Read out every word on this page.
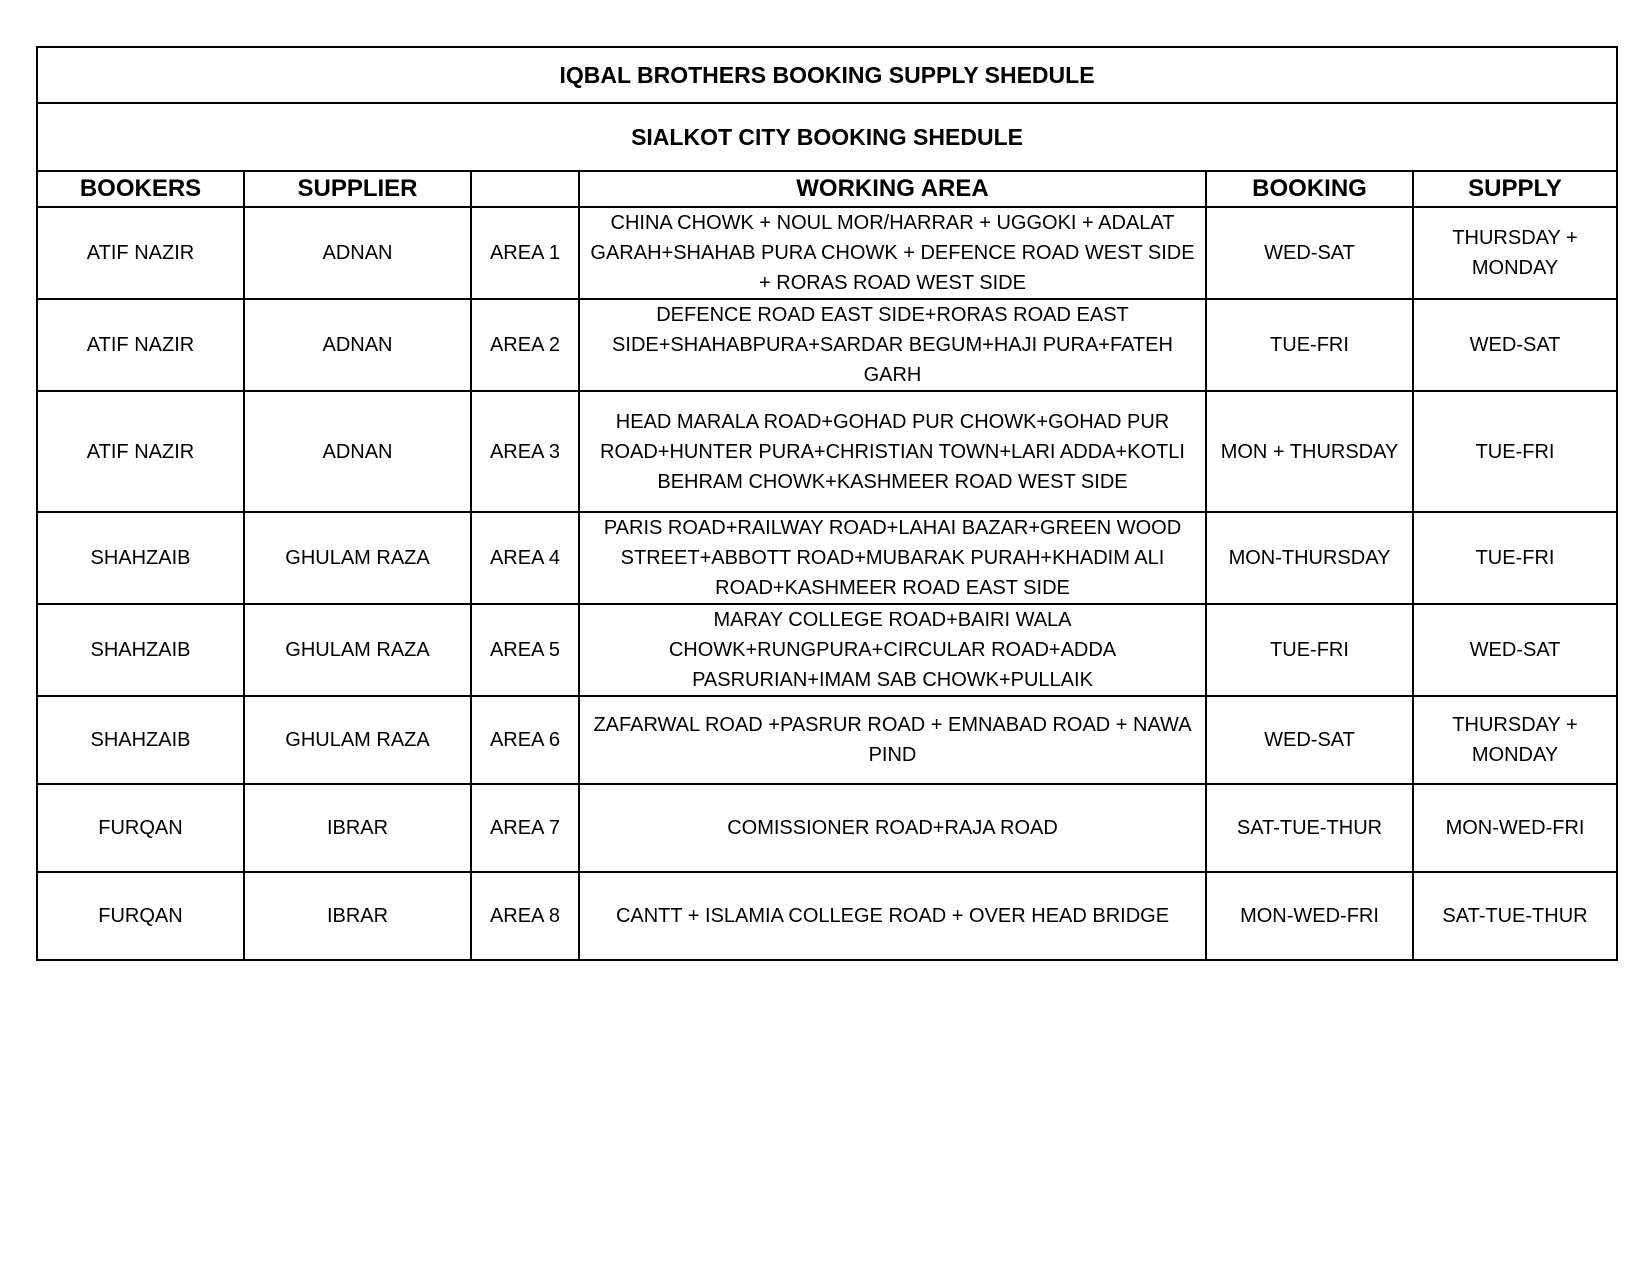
IQBAL BROTHERS BOOKING SUPPLY SHEDULE					
SIALKOT CITY BOOKING SHEDULE					
BOOKERS	SUPPLIER		WORKING AREA	BOOKING	SUPPLY
ATIF NAZIR	ADNAN	AREA 1	CHINA CHOWK + NOUL MOR/HARRAR + UGGOKI + ADALAT GARAH+SHAHAB PURA CHOWK + DEFENCE ROAD WEST SIDE + RORAS ROAD WEST SIDE	WED-SAT	THURSDAY + MONDAY
ATIF NAZIR	ADNAN	AREA 2	DEFENCE ROAD EAST SIDE+RORAS ROAD EAST SIDE+SHAHABPURA+SARDAR BEGUM+HAJI PURA+FATEH GARH	TUE-FRI	WED-SAT
ATIF NAZIR	ADNAN	AREA 3	HEAD MARALA ROAD+GOHAD PUR CHOWK+GOHAD PUR ROAD+HUNTER PURA+CHRISTIAN TOWN+LARI ADDA+KOTLI BEHRAM CHOWK+KASHMEER ROAD WEST SIDE	MON + THURSDAY	TUE-FRI
SHAHZAIB	GHULAM RAZA	AREA 4	PARIS ROAD+RAILWAY ROAD+LAHAI BAZAR+GREEN WOOD STREET+ABBOTT ROAD+MUBARAK PURAH+KHADIM ALI ROAD+KASHMEER ROAD EAST SIDE	MON-THURSDAY	TUE-FRI
SHAHZAIB	GHULAM RAZA	AREA 5	MARAY COLLEGE ROAD+BAIRI WALA CHOWK+RUNGPURA+CIRCULAR ROAD+ADDA PASRURIAN+IMAM SAB CHOWK+PULLAIK	TUE-FRI	WED-SAT
SHAHZAIB	GHULAM RAZA	AREA 6	ZAFARWAL ROAD +PASRUR ROAD + EMNABAD ROAD + NAWA PIND	WED-SAT	THURSDAY + MONDAY
FURQAN	IBRAR	AREA 7	COMISSIONER ROAD+RAJA ROAD	SAT-TUE-THUR	MON-WED-FRI
FURQAN	IBRAR	AREA 8	CANTT + ISLAMIA COLLEGE ROAD + OVER HEAD BRIDGE	MON-WED-FRI	SAT-TUE-THUR
